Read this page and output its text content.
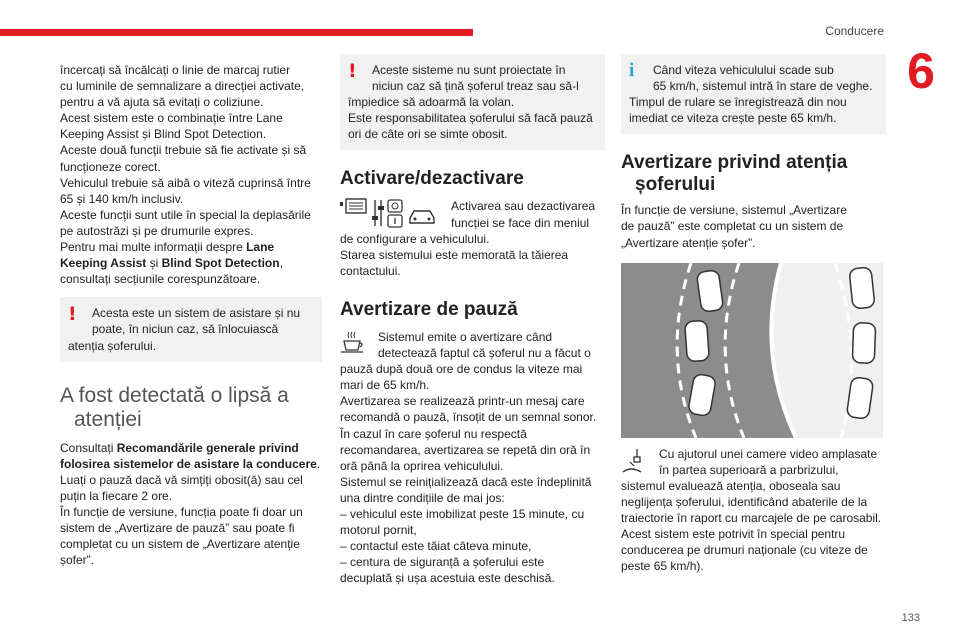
Conducere
6
încercați să încălcați o linie de marcaj rutier
cu luminile de semnalizare a direcției activate,
pentru a vă ajuta să evitați o coliziune.
Acest sistem este o combinație între Lane
Keeping Assist și Blind Spot Detection.
Aceste două funcții trebuie să fie activate și să
funcționeze corect.
Vehiculul trebuie să aibă o viteză cuprinsă între
65 și 140 km/h inclusiv.
Aceste funcții sunt utile în special la deplasările
pe autostrăzi și pe drumurile expres.
Pentru mai multe informații despre Lane
Keeping Assist și Blind Spot Detection,
consultați secțiunile corespunzătoare.
!	Acesta este un sistem de asistare și nu
poate, în niciun caz, să înlocuiască
atenția șoferului.
A fost detectată o lipsă a
atenției
Consultați Recomandările generale privind
folosirea sistemelor de asistare la conducere.
Luați o pauză dacă vă simțiți obosit(ă) sau cel
puțin la fiecare 2 ore.
În funcție de versiune, funcția poate fi doar un
sistem de „Avertizare de pauză” sau poate fi
completat cu un sistem de „Avertizare atenție
șofer”.
!	Aceste sisteme nu sunt proiectate în
niciun caz să țină șoferul treaz sau să-l
împiedice să adoarmă la volan.
Este responsabilitatea șoferului să facă pauză
ori de câte ori se simte obosit.
Activare/dezactivare
Activarea sau dezactivarea
funcției se face din meniul
de configurare a vehiculului.
Starea sistemului este memorată la tăierea
contactului.
Avertizare de pauză
Sistemul emite o avertizare când
detectează faptul că șoferul nu a făcut o
pauză după două ore de condus la viteze mai
mari de 65 km/h.
Avertizarea se realizează printr-un mesaj care
recomandă o pauză, însoțit de un semnal sonor.
În cazul în care șoferul nu respectă
recomandarea, avertizarea se repetă din oră în
oră până la oprirea vehiculului.
Sistemul se reinițializează dacă este îndeplinită
una dintre condițiile de mai jos:
– vehiculul este imobilizat peste 15 minute, cu
motorul pornit,
– contactul este tăiat câteva minute,
– centura de siguranță a șoferului este
decuplată și ușa acestuia este deschisă.
i	Când viteza vehiculului scade sub
65 km/h, sistemul intră în stare de veghe.
Timpul de rulare se înregistrează din nou
imediat ce viteza crește peste 65 km/h.
Avertizare privind atenția
șoferului
În funcție de versiune, sistemul „Avertizare
de pauză” este completat cu un sistem de
„Avertizare atenție șofer”.
Cu ajutorul unei camere video amplasate
în partea superioară a parbrizului,
sistemul evaluează atenția, oboseala sau
neglijența șoferului, identificând abaterile de la
traiectorie în raport cu marcajele de pe carosabil.
Acest sistem este potrivit în special pentru
conducerea pe drumuri naționale (cu viteze de
peste 65 km/h).
133
